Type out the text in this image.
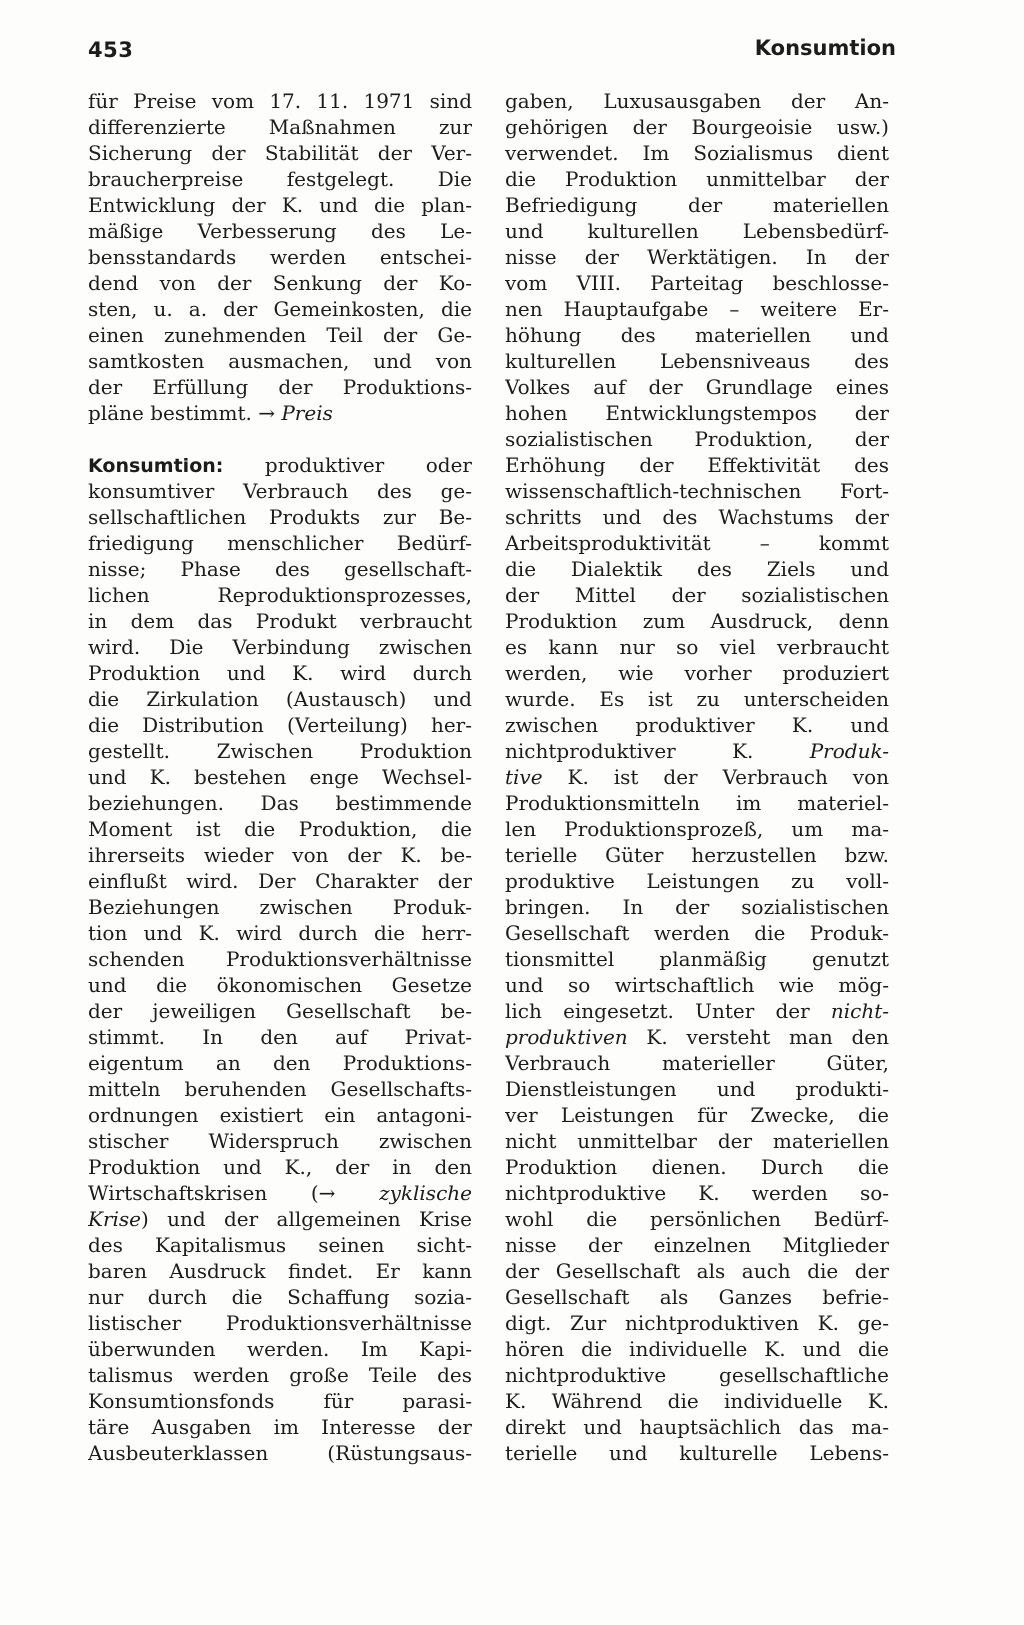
453	Konsumtion
für Preise vom 17. 11. 1971 sind
differenzierte Maßnahmen zur
Sicherung der Stabilität der Ver-
braucherpreise festgelegt. Die
Entwicklung der K. und die plan-
mäßige Verbesserung des Le-
bensstandards werden entschei-
dend von der Senkung der Ko-
sten, u. a. der Gemeinkosten, die
einen zunehmenden Teil der Ge-
samtkosten ausmachen, und von
der Erfüllung der Produktions-
pläne bestimmt. → Preis
Konsumtion: produktiver oder
konsumtiver Verbrauch des ge-
sellschaftlichen Produkts zur Be-
friedigung menschlicher Bedürf-
nisse; Phase des gesellschaft-
lichen Reproduktionsprozesses,
in dem das Produkt verbraucht
wird. Die Verbindung zwischen
Produktion und K. wird durch
die Zirkulation (Austausch) und
die Distribution (Verteilung) her-
gestellt. Zwischen Produktion
und K. bestehen enge Wechsel-
beziehungen. Das bestimmende
Moment ist die Produktion, die
ihrerseits wieder von der K. be-
einflußt wird. Der Charakter der
Beziehungen zwischen Produk-
tion und K. wird durch die herr-
schenden Produktionsverhältnisse
und die ökonomischen Gesetze
der jeweiligen Gesellschaft be-
stimmt. In den auf Privat-
eigentum an den Produktions-
mitteln beruhenden Gesellschafts-
ordnungen existiert ein antagoni-
stischer Widerspruch zwischen
Produktion und K., der in den
Wirtschaftskrisen (→ zyklische
Krise) und der allgemeinen Krise
des Kapitalismus seinen sicht-
baren Ausdruck findet. Er kann
nur durch die Schaffung sozia-
listischer Produktionsverhältnisse
überwunden werden. Im Kapi-
talismus werden große Teile des
Konsumtionsfonds für parasi-
täre Ausgaben im Interesse der
Ausbeuterklassen (Rüstungsaus-
gaben, Luxusausgaben der An-
gehörigen der Bourgeoisie usw.)
verwendet. Im Sozialismus dient
die Produktion unmittelbar der
Befriedigung der materiellen
und kulturellen Lebensbedürf-
nisse der Werktätigen. In der
vom VIII. Parteitag beschlosse-
nen Hauptaufgabe – weitere Er-
höhung des materiellen und
kulturellen Lebensniveaus des
Volkes auf der Grundlage eines
hohen Entwicklungstempos der
sozialistischen Produktion, der
Erhöhung der Effektivität des
wissenschaftlich-technischen Fort-
schritts und des Wachstums der
Arbeitsproduktivität – kommt
die Dialektik des Ziels und
der Mittel der sozialistischen
Produktion zum Ausdruck, denn
es kann nur so viel verbraucht
werden, wie vorher produziert
wurde. Es ist zu unterscheiden
zwischen produktiver K. und
nichtproduktiver K. Produk-
tive K. ist der Verbrauch von
Produktionsmitteln im materiel-
len Produktionsprozeß, um ma-
terielle Güter herzustellen bzw.
produktive Leistungen zu voll-
bringen. In der sozialistischen
Gesellschaft werden die Produk-
tionsmittel planmäßig genutzt
und so wirtschaftlich wie mög-
lich eingesetzt. Unter der nicht-
produktiven K. versteht man den
Verbrauch materieller Güter,
Dienstleistungen und produkti-
ver Leistungen für Zwecke, die
nicht unmittelbar der materiellen
Produktion dienen. Durch die
nichtproduktive K. werden so-
wohl die persönlichen Bedürf-
nisse der einzelnen Mitglieder
der Gesellschaft als auch die der
Gesellschaft als Ganzes befrie-
digt. Zur nichtproduktiven K. ge-
hören die individuelle K. und die
nichtproduktive gesellschaftliche
K. Während die individuelle K.
direkt und hauptsächlich das ma-
terielle und kulturelle Lebens-
